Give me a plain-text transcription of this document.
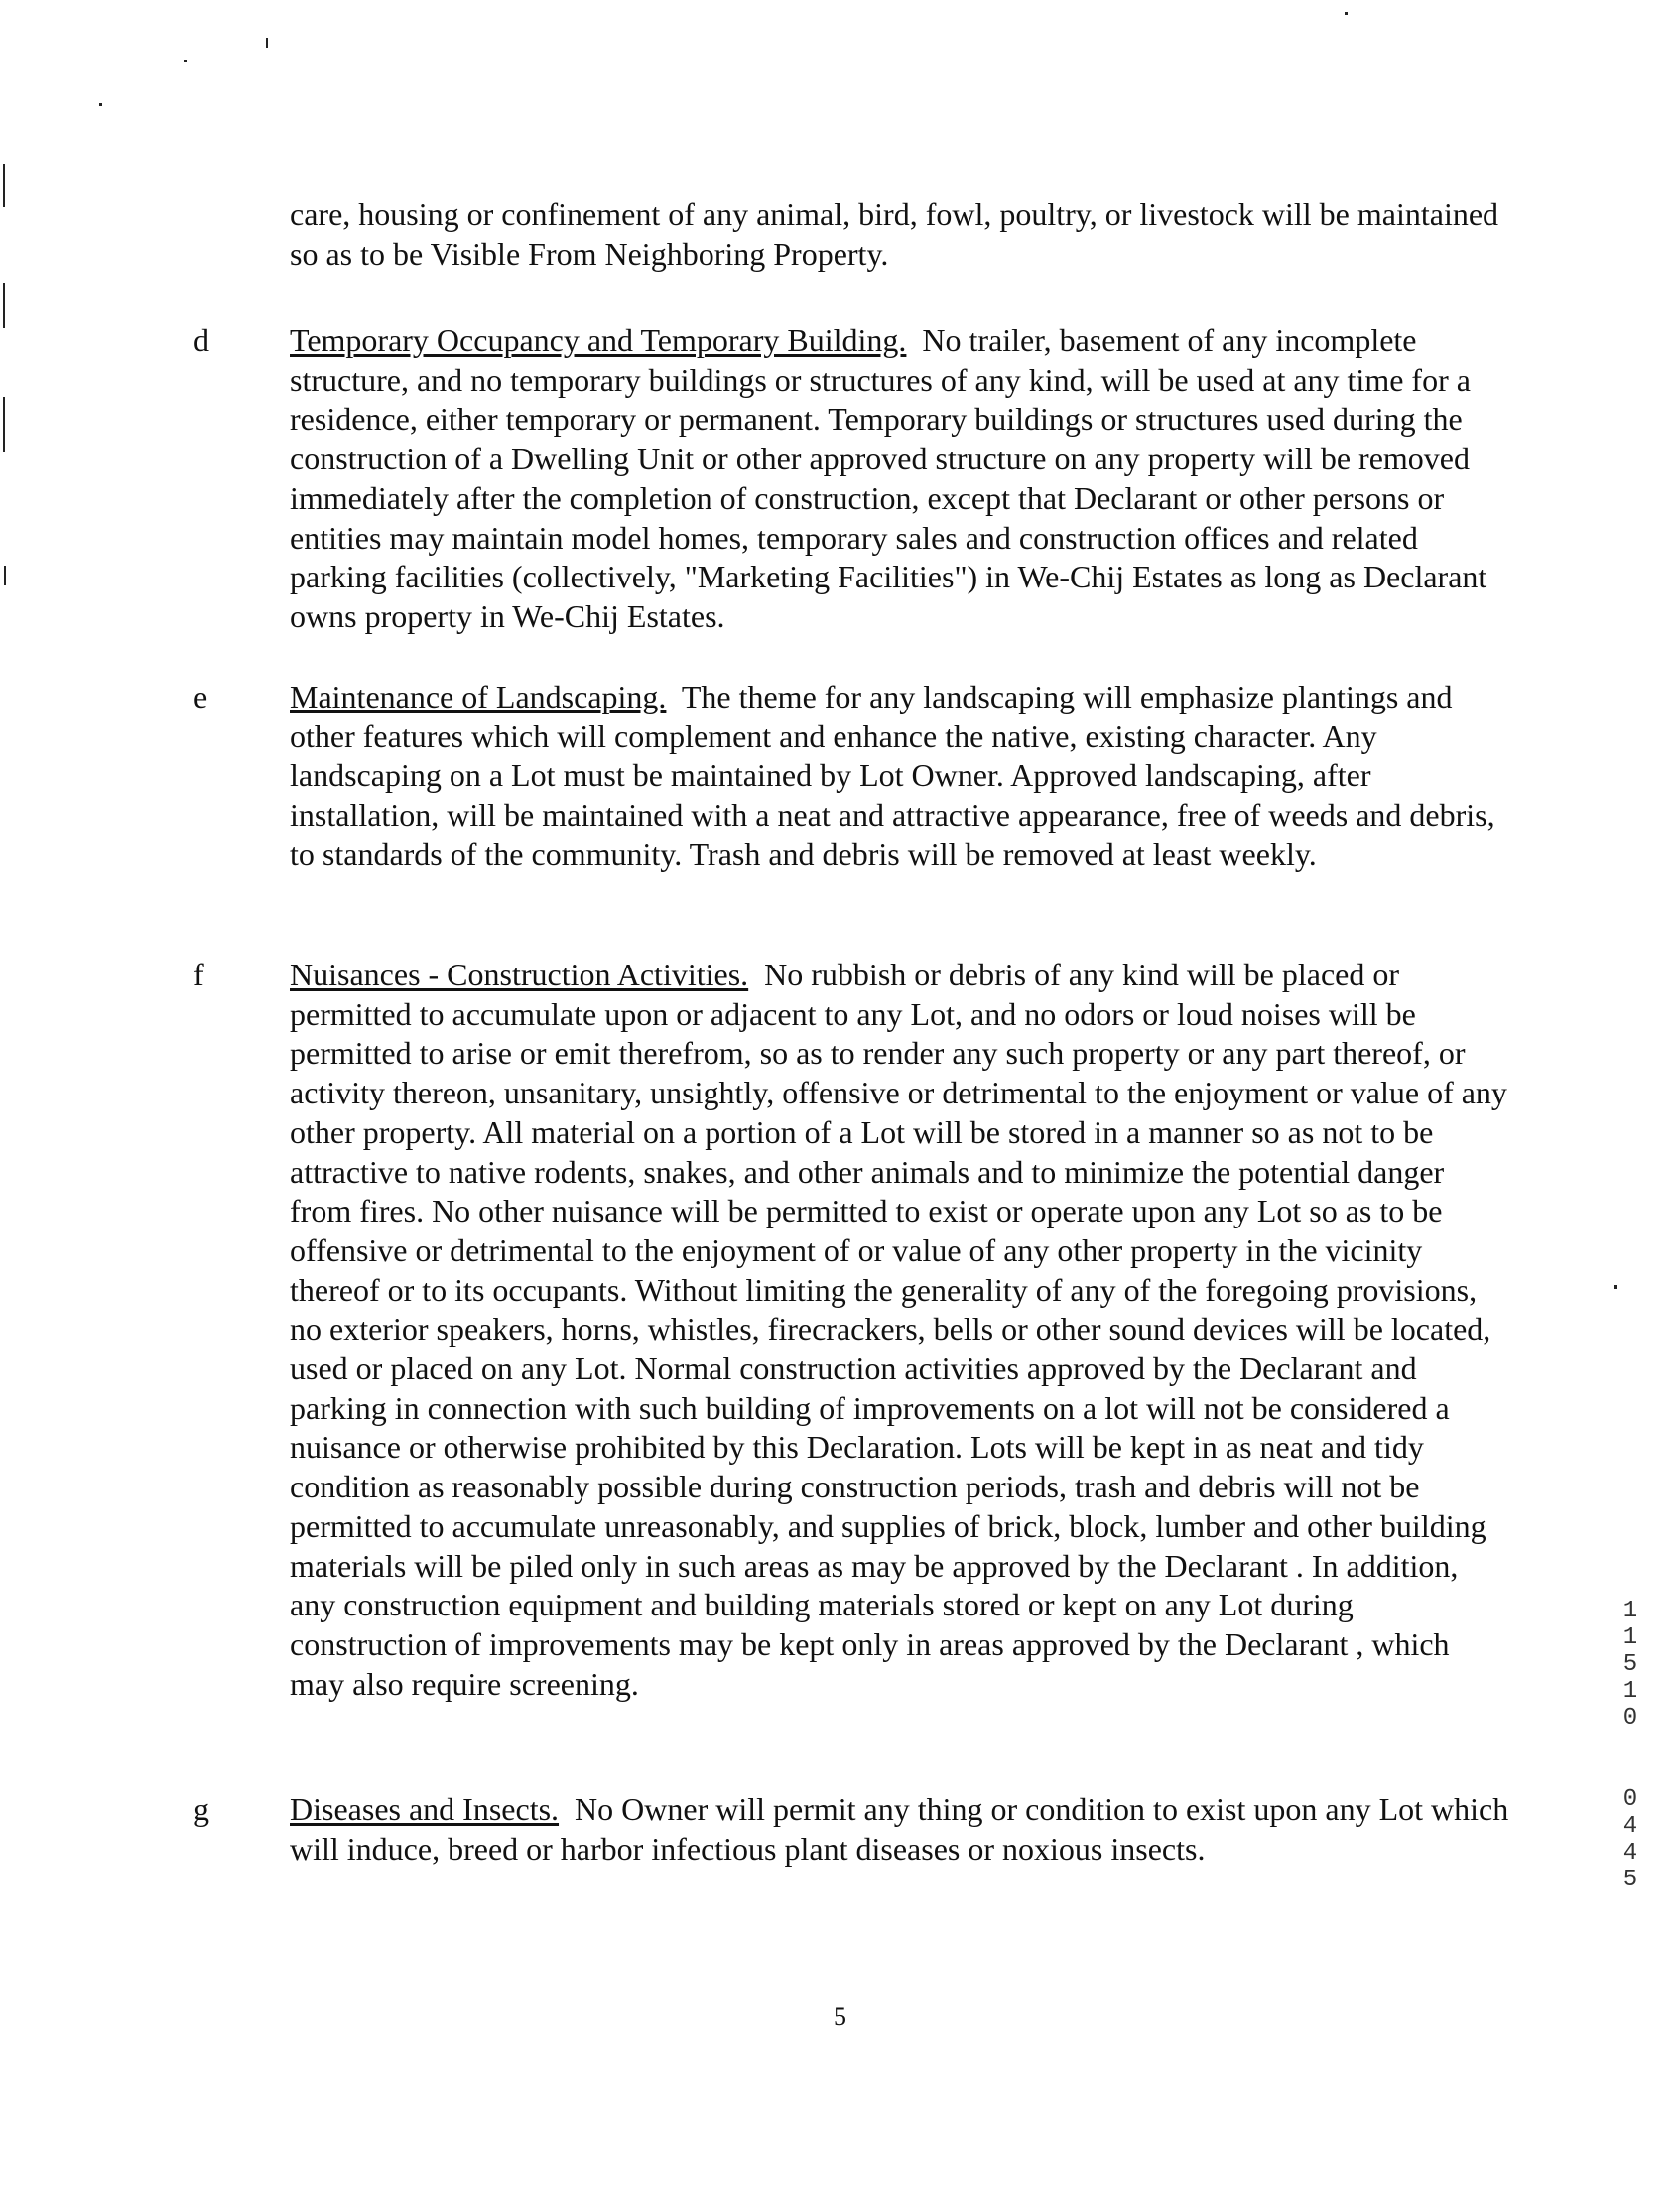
care, housing or confinement of any animal, bird, fowl, poultry, or livestock will be maintained so as to be Visible From Neighboring Property.

d	Temporary Occupancy and Temporary Building. No trailer, basement of any incomplete structure, and no temporary buildings or structures of any kind, will be used at any time for a residence, either temporary or permanent. Temporary buildings or structures used during the construction of a Dwelling Unit or other approved structure on any property will be removed immediately after the completion of construction, except that Declarant or other persons or entities may maintain model homes, temporary sales and construction offices and related parking facilities (collectively, "Marketing Facilities") in We-Chij Estates as long as Declarant owns property in We-Chij Estates.

e	Maintenance of Landscaping. The theme for any landscaping will emphasize plantings and other features which will complement and enhance the native, existing character. Any landscaping on a Lot must be maintained by Lot Owner. Approved landscaping, after installation, will be maintained with a neat and attractive appearance, free of weeds and debris, to standards of the community. Trash and debris will be removed at least weekly.

f	Nuisances - Construction Activities. No rubbish or debris of any kind will be placed or permitted to accumulate upon or adjacent to any Lot, and no odors or loud noises will be permitted to arise or emit therefrom, so as to render any such property or any part thereof, or activity thereon, unsanitary, unsightly, offensive or detrimental to the enjoyment or value of any other property. All material on a portion of a Lot will be stored in a manner so as not to be attractive to native rodents, snakes, and other animals and to minimize the potential danger from fires. No other nuisance will be permitted to exist or operate upon any Lot so as to be offensive or detrimental to the enjoyment of or value of any other property in the vicinity thereof or to its occupants. Without limiting the generality of any of the foregoing provisions, no exterior speakers, horns, whistles, firecrackers, bells or other sound devices will be located, used or placed on any Lot. Normal construction activities approved by the Declarant and parking in connection with such building of improvements on a lot will not be considered a nuisance or otherwise prohibited by this Declaration. Lots will be kept in as neat and tidy condition as reasonably possible during construction periods, trash and debris will not be permitted to accumulate unreasonably, and supplies of brick, block, lumber and other building materials will be piled only in such areas as may be approved by the Declarant . In addition, any construction equipment and building materials stored or kept on any Lot during construction of improvements may be kept only in areas approved by the Declarant , which may also require screening.

g	Diseases and Insects. No Owner will permit any thing or condition to exist upon any Lot which will induce, breed or harbor infectious plant diseases or noxious insects.

1
1
5
1
0
0
4
4
5
5
